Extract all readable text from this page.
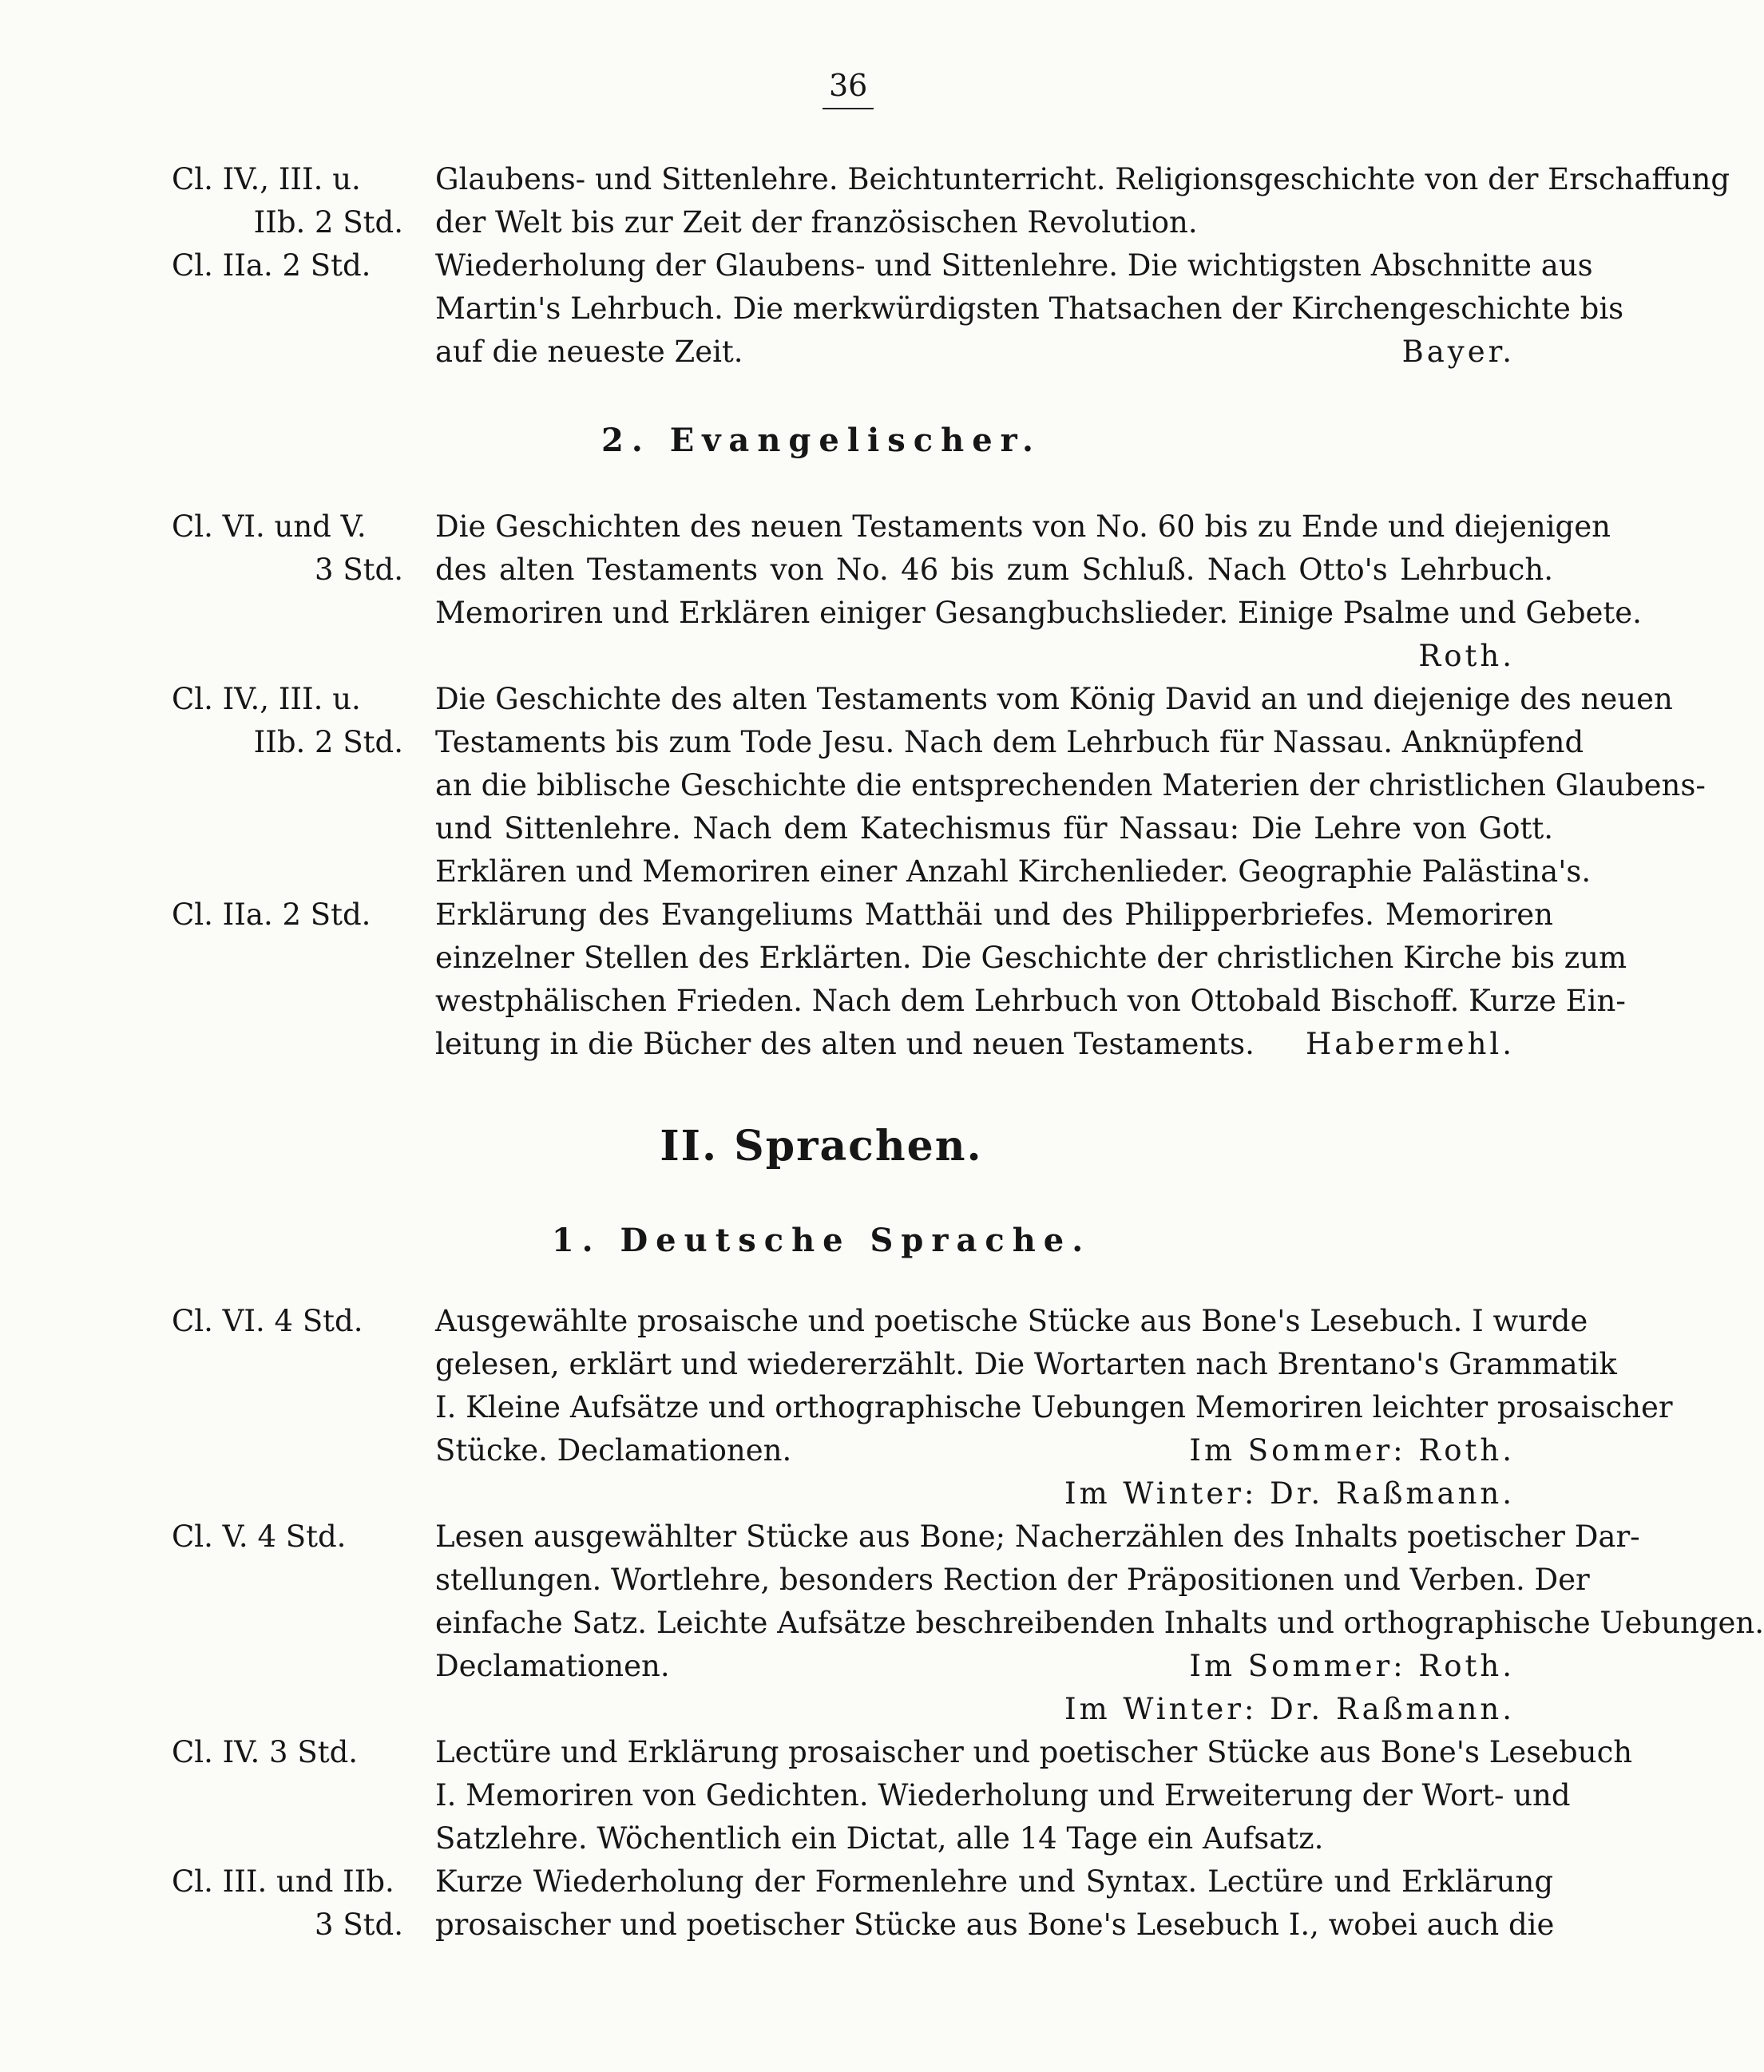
36
Cl. IV., III. u.	Glaubens- und Sittenlehre. Beichtunterricht. Religionsgeschichte von der Erschaffung
IIb. 2 Std. der Welt bis zur Zeit der französischen Revolution.
Cl. IIa. 2 Std.	Wiederholung der Glaubens- und Sittenlehre. Die wichtigsten Abschnitte aus
Martin's Lehrbuch. Die merkwürdigsten Thatsachen der Kirchengeschichte bis
auf die neueste Zeit.	Bayer.
2. Evangelischer.
Cl. VI. und V.	Die Geschichten des neuen Testaments von No. 60 bis zu Ende und diejenigen
3 Std. des alten Testaments von No. 46 bis zum Schluß. Nach Otto's Lehrbuch.
Memoriren und Erklären einiger Gesangbuchslieder. Einige Psalme und Gebete.
Roth.
Cl. IV., III. u.	Die Geschichte des alten Testaments vom König David an und diejenige des neuen
IIb. 2 Std. Testaments bis zum Tode Jesu. Nach dem Lehrbuch für Nassau. Anknüpfend
an die biblische Geschichte die entsprechenden Materien der christlichen Glaubens-
und Sittenlehre. Nach dem Katechismus für Nassau: Die Lehre von Gott.
Erklären und Memoriren einer Anzahl Kirchenlieder. Geographie Palästina's.
Cl. IIa. 2 Std.	Erklärung des Evangeliums Matthäi und des Philipperbriefes. Memoriren
einzelner Stellen des Erklärten. Die Geschichte der christlichen Kirche bis zum
westphälischen Frieden. Nach dem Lehrbuch von Ottobald Bischoff. Kurze Ein-
leitung in die Bücher des alten und neuen Testaments.	Habermehl.
II. Sprachen.
1. Deutsche Sprache.
Cl. VI. 4 Std.	Ausgewählte prosaische und poetische Stücke aus Bone's Lesebuch. I wurde
gelesen, erklärt und wiedererzählt. Die Wortarten nach Brentano's Grammatik
I. Kleine Aufsätze und orthographische Uebungen Memoriren leichter prosaischer
Stücke. Declamationen.	Im Sommer: Roth.
Im Winter: Dr. Raßmann.
Cl. V. 4 Std.	Lesen ausgewählter Stücke aus Bone; Nacherzählen des Inhalts poetischer Dar-
stellungen. Wortlehre, besonders Rection der Präpositionen und Verben. Der
einfache Satz. Leichte Aufsätze beschreibenden Inhalts und orthographische Uebungen.
Declamationen.	Im Sommer: Roth.
Im Winter: Dr. Raßmann.
Cl. IV. 3 Std.	Lectüre und Erklärung prosaischer und poetischer Stücke aus Bone's Lesebuch
I. Memoriren von Gedichten. Wiederholung und Erweiterung der Wort- und
Satzlehre. Wöchentlich ein Dictat, alle 14 Tage ein Aufsatz.
Cl. III. und IIb.	Kurze Wiederholung der Formenlehre und Syntax. Lectüre und Erklärung
3 Std. prosaischer und poetischer Stücke aus Bone's Lesebuch I., wobei auch die
